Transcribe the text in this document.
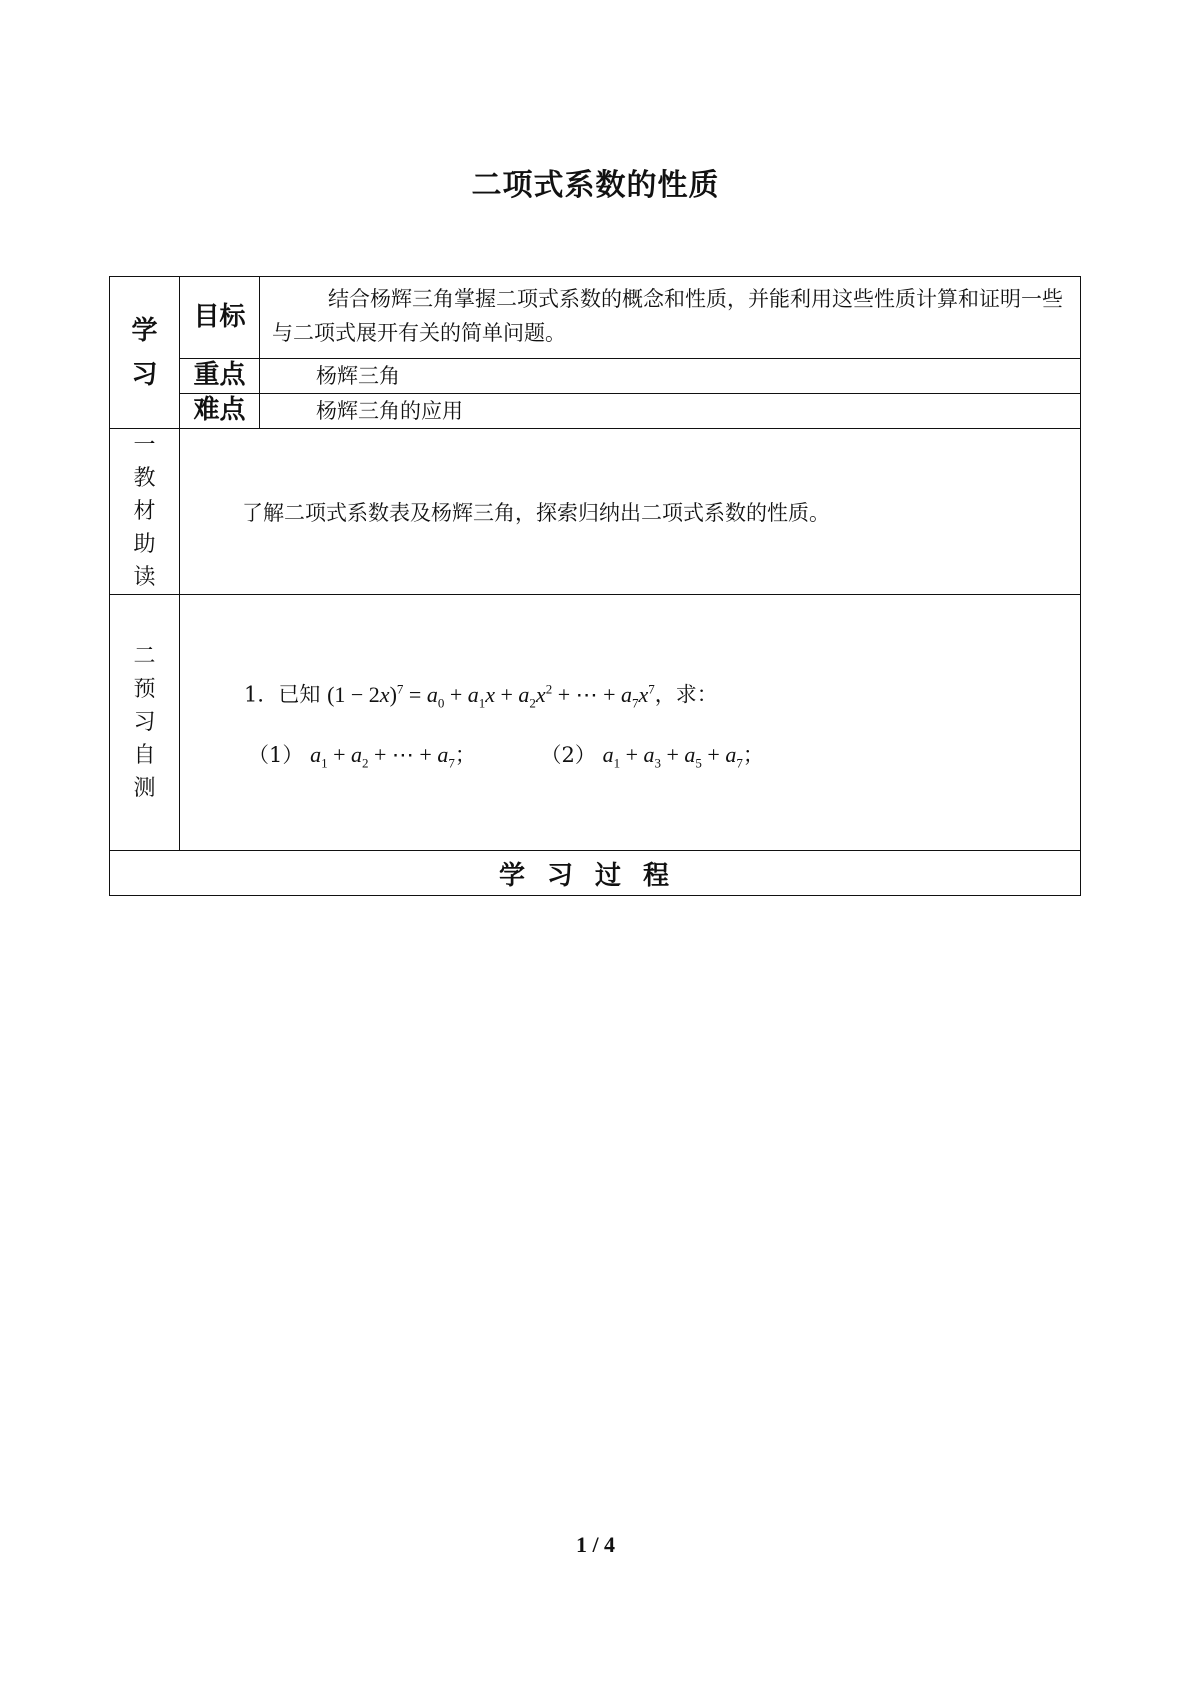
二项式系数的性质
学
习	目标	结合杨辉三角掌握二项式系数的概念和性质，并能利用这些性质计算和证明一些与二项式展开有关的简单问题。
	重点	杨辉三角
	难点	杨辉三角的应用

一
教
材
助
读	了解二项式系数表及杨辉三角，探索归纳出二项式系数的性质。	

二
预
习
自
测

1．已知 $(1 - 2x)^7 = a_0 + a_1x + a_2x^2$ + ⋯ + $a_7x^7$，求：
（1） $a_1 + a_2$ + ⋯ + $a_7$；	（2） $a_1 + a_3 + a_5 + a_7$；

学习过程		
1 / 4
